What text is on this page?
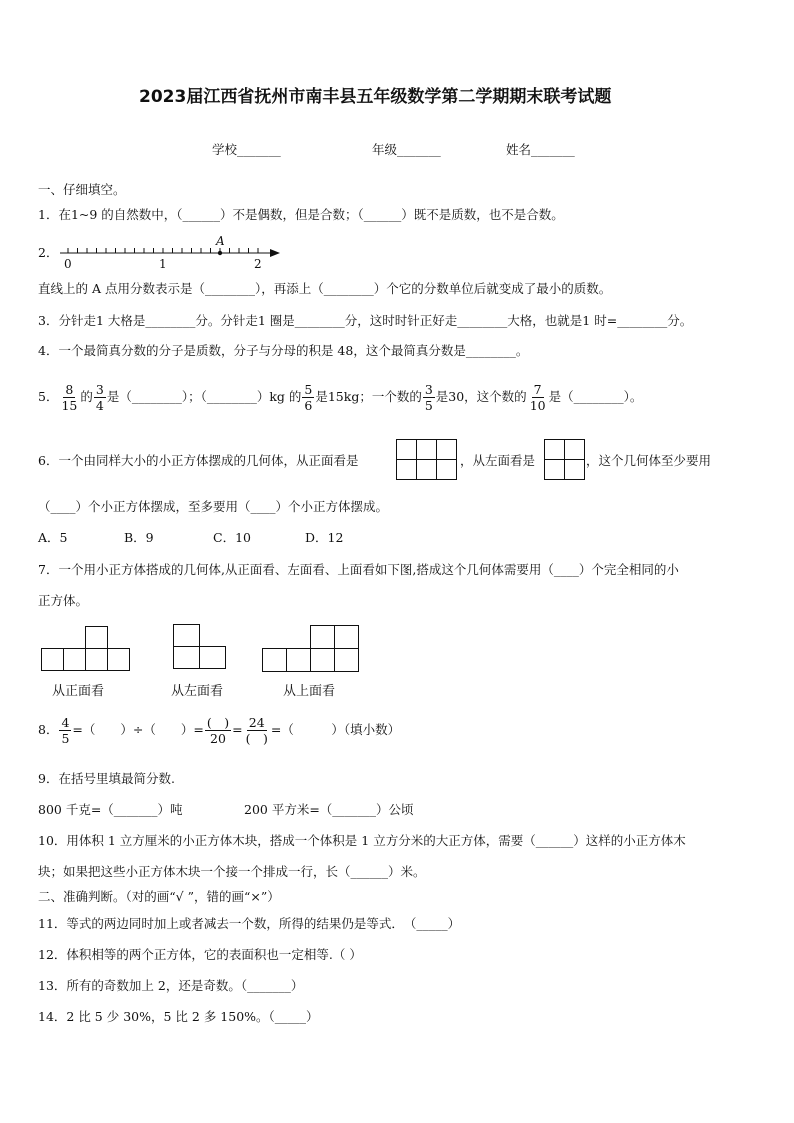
2023届江西省抚州市南丰县五年级数学第二学期期末联考试题
学校_______	年级_______	姓名_______
一、仔细填空。
1．在1~9 的自然数中，（______）不是偶数，但是合数；（______）既不是质数，也不是合数。
2．
A
0	1	2
直线上的 A 点用分数表示是（________），再添上（________）个它的分数单位后就变成了最小的质数。
3．分针走1 大格是________分。分针走1 圈是________分，这时时针正好走________大格，也就是1 时=________分。
4．一个最简真分数的分子是质数，分子与分母的积是 48，这个最简真分数是________。
5． $\frac{8}{15}$ 的 $\frac{3}{4}$ 是（________）；（________）kg 的 $\frac{5}{6}$ 是15kg；一个数的 $\frac{3}{5}$ 是30，这个数的 $\frac{7}{10}$ 是（________）。
6．一个由同样大小的小正方体摆成的几何体，从正面看是	，从左面看是	，这个几何体至少要用
（____）个小正方体摆成，至多要用（____）个小正方体摆成。
A．5	B．9	C．10	D．12
7．一个用小正方体搭成的几何体,从正面看、左面看、上面看如下图,搭成这个几何体需要用（____）个完全相同的小
正方体。
从正面看	从左面看	从上面看
8． $\frac{4}{5}$ =（　　）÷（　　）= $\frac{( )}{20} = \frac{24}{( )}$ =（　　　）（填小数）
9．在括号里填最简分数.
800 千克=（_______）吨	200 平方米=（_______）公顷
10．用体积 1 立方厘米的小正方体木块，搭成一个体积是 1 立方分米的大正方体，需要（______）这样的小正方体木
块；如果把这些小正方体木块一个接一个排成一行，长（______）米。
二、准确判断。（对的画“√ ”，错的画“×”）
11．等式的两边同时加上或者减去一个数，所得的结果仍是等式．　（_____）
12．体积相等的两个正方体，它的表面积也一定相等.（ ）
13．所有的奇数加上 2，还是奇数。（_______）
14．2 比 5 少 30%，5 比 2 多 150%。（_____）
